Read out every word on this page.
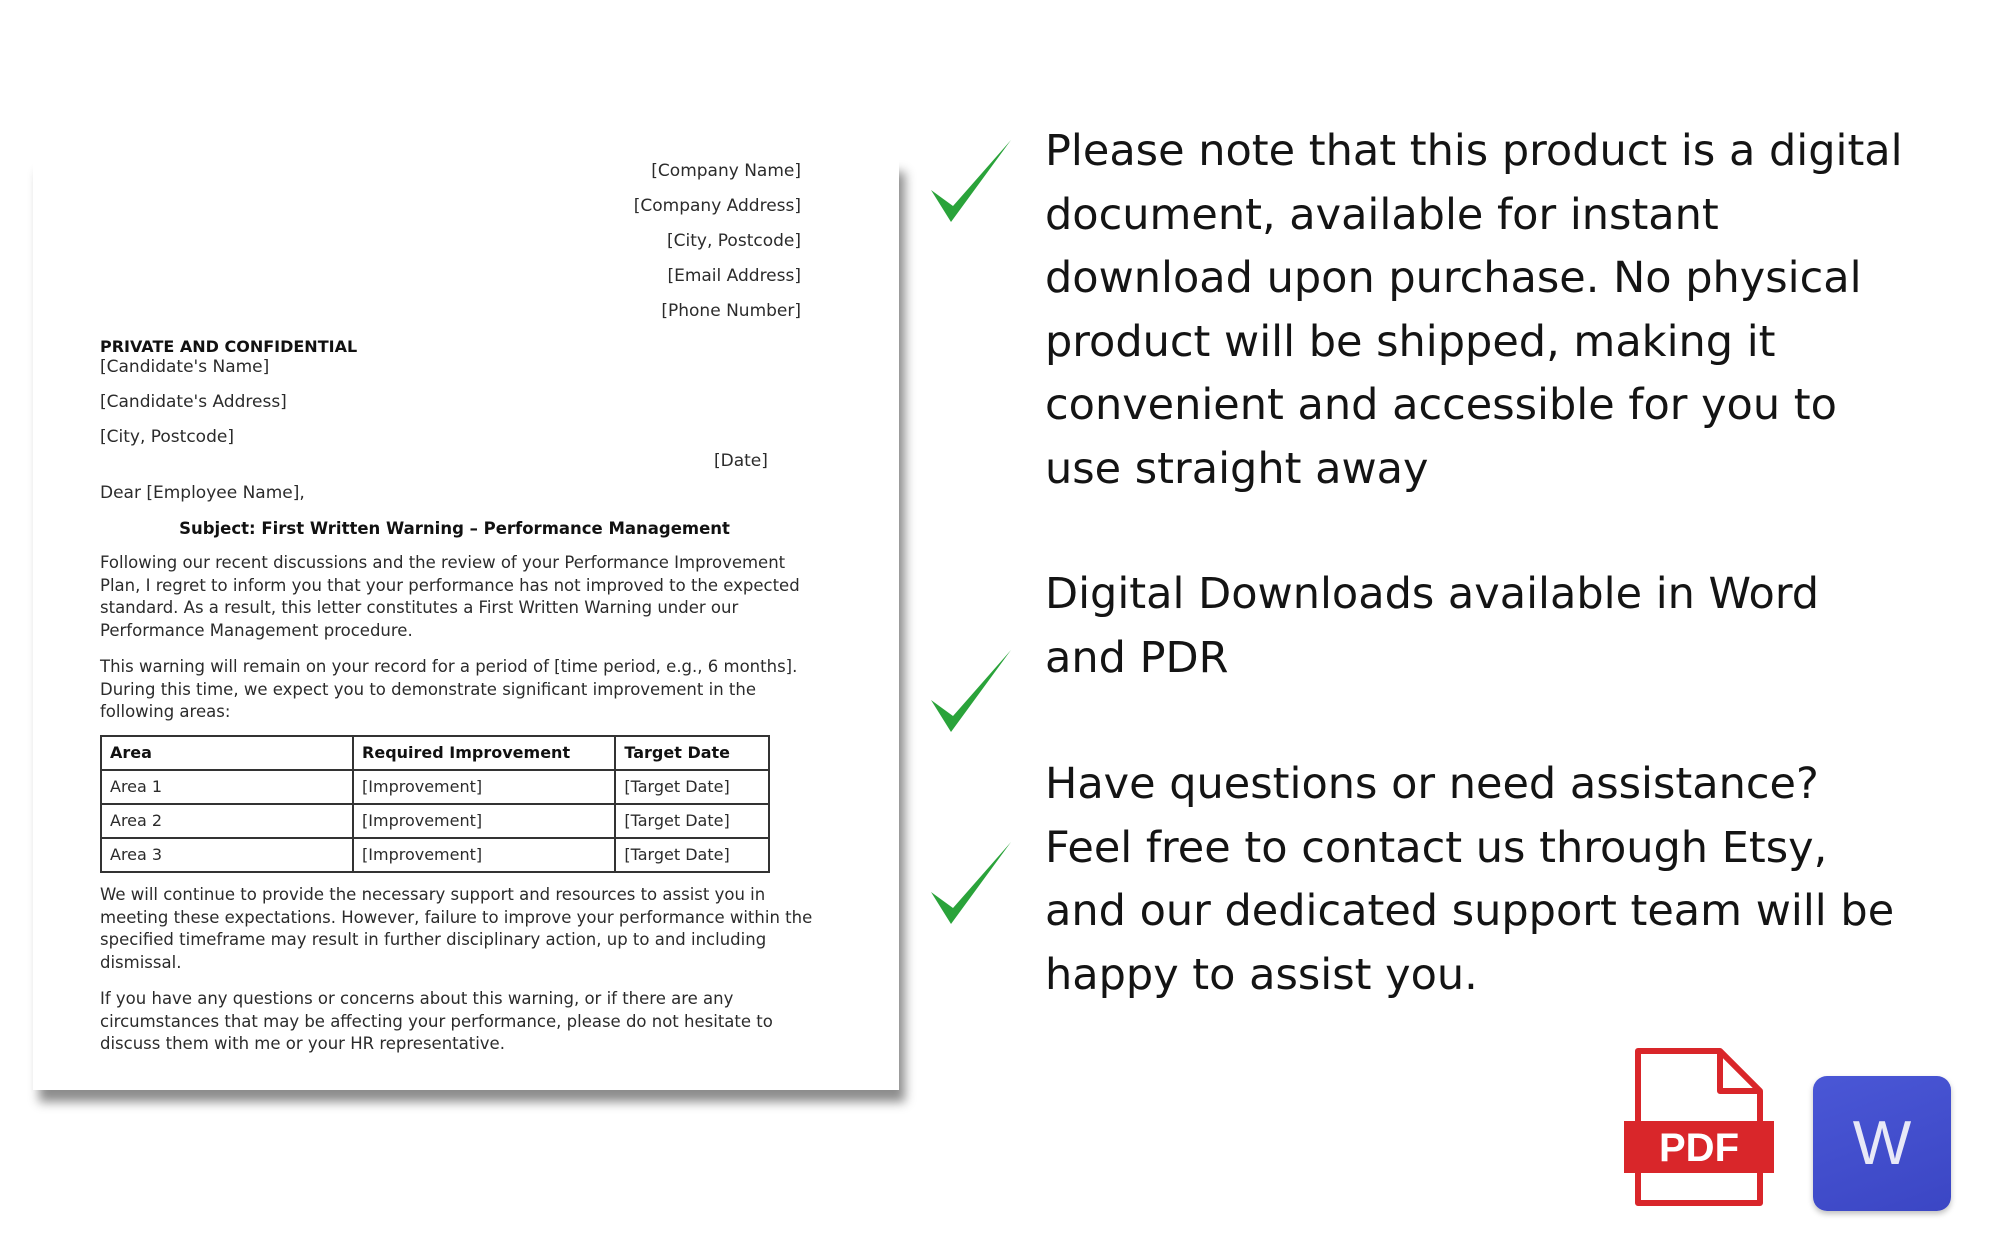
[Company Name]
[Company Address]
[City, Postcode]
[Email Address]
[Phone Number]
PRIVATE AND CONFIDENTIAL
[Candidate's Name]
[Candidate's Address]
[City, Postcode]
[Date]
Dear [Employee Name],
Subject: First Written Warning – Performance Management
Following our recent discussions and the review of your Performance Improvement Plan, I regret to inform you that your performance has not improved to the expected standard. As a result, this letter constitutes a First Written Warning under our Performance Management procedure.
This warning will remain on your record for a period of [time period, e.g., 6 months]. During this time, we expect you to demonstrate significant improvement in the following areas:
Area	Required Improvement	Target Date
Area 1	[Improvement]	[Target Date]
Area 2	[Improvement]	[Target Date]
Area 3	[Improvement]	[Target Date]
We will continue to provide the necessary support and resources to assist you in meeting these expectations. However, failure to improve your performance within the specified timeframe may result in further disciplinary action, up to and including dismissal.
If you have any questions or concerns about this warning, or if there are any circumstances that may be affecting your performance, please do not hesitate to discuss them with me or your HR representative.
Please note that this product is a digital
document, available for instant
download upon purchase. No physical
product will be shipped, making it
convenient and accessible for you to
use straight away
Digital Downloads available in Word
and PDR
Have questions or need assistance?
Feel free to contact us through Etsy,
and our dedicated support team will be
happy to assist you.
PDF	W
